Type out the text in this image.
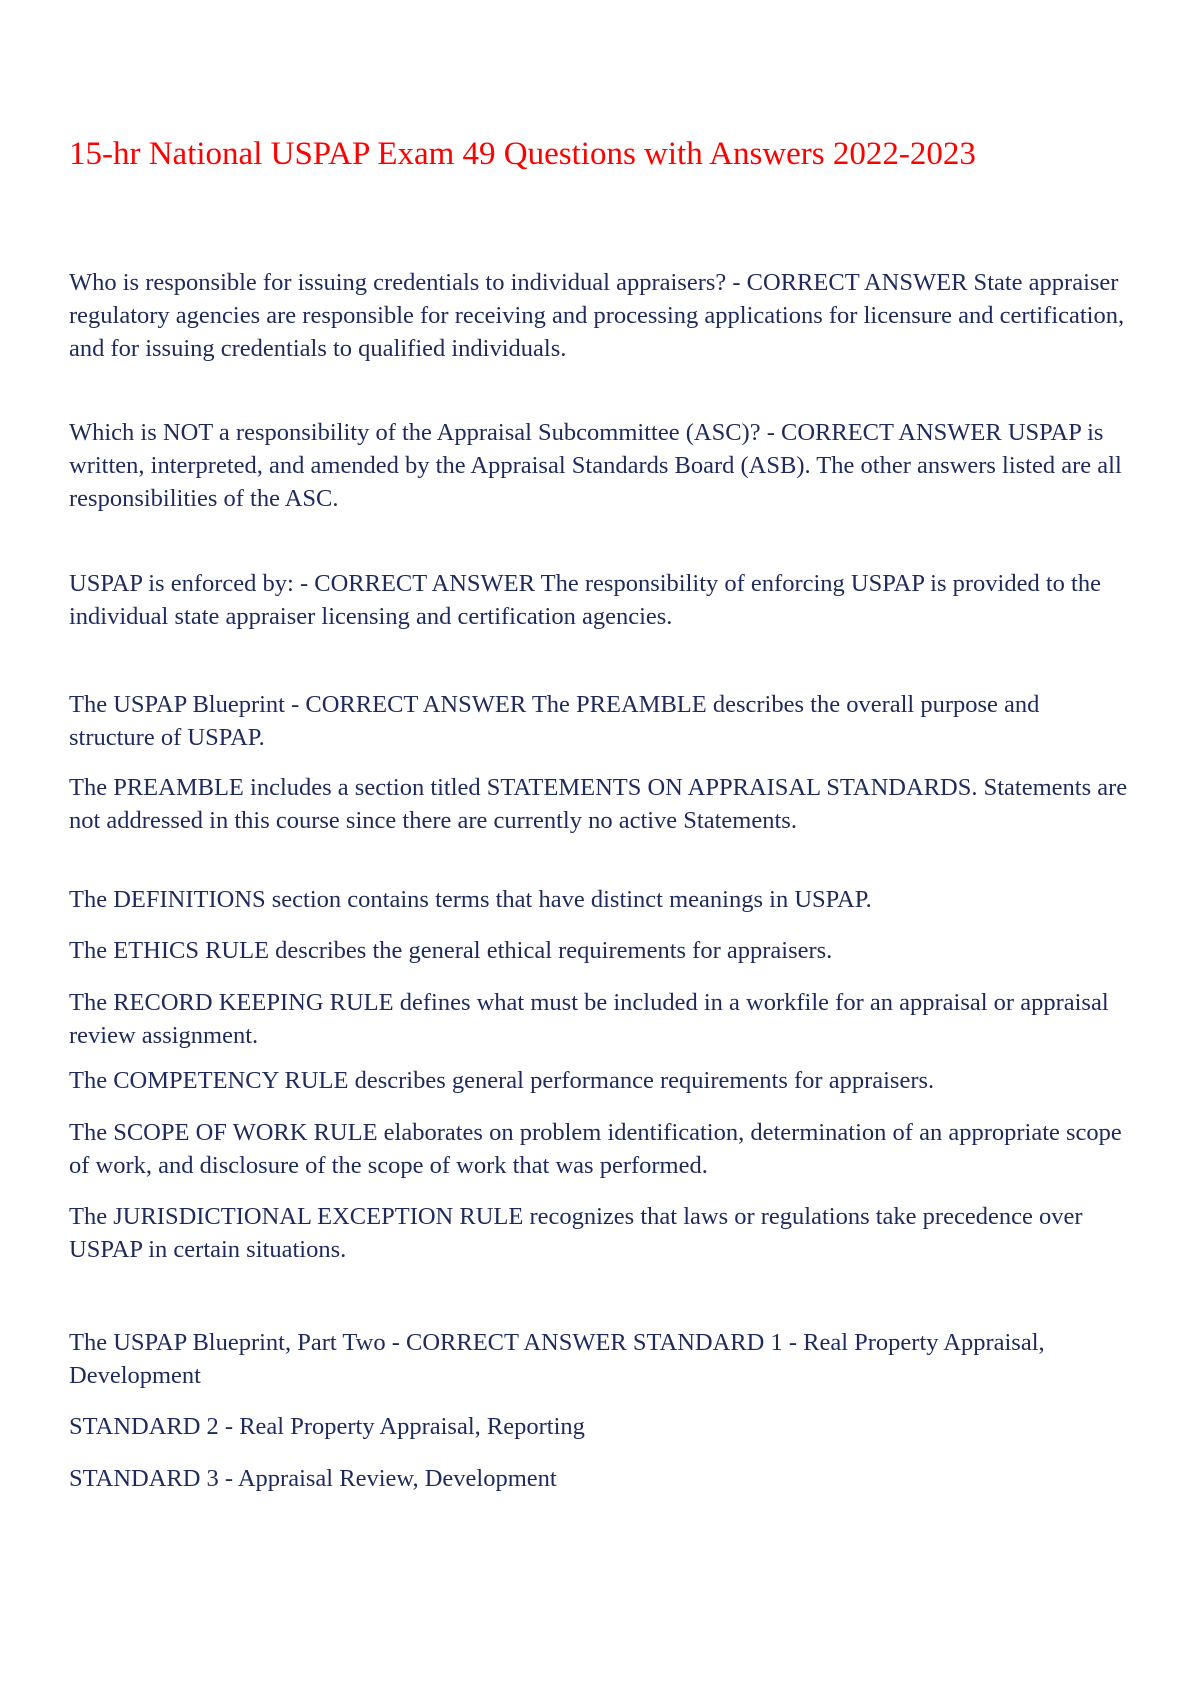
15-hr National USPAP Exam 49 Questions with Answers 2022-2023

Who is responsible for issuing credentials to individual appraisers? - CORRECT ANSWER State appraiser regulatory agencies are responsible for receiving and processing applications for licensure and certification, and for issuing credentials to qualified individuals.

Which is NOT a responsibility of the Appraisal Subcommittee (ASC)? - CORRECT ANSWER USPAP is written, interpreted, and amended by the Appraisal Standards Board (ASB). The other answers listed are all responsibilities of the ASC.

USPAP is enforced by: - CORRECT ANSWER The responsibility of enforcing USPAP is provided to the individual state appraiser licensing and certification agencies.

The USPAP Blueprint - CORRECT ANSWER The PREAMBLE describes the overall purpose and structure of USPAP.

The PREAMBLE includes a section titled STATEMENTS ON APPRAISAL STANDARDS. Statements are not addressed in this course since there are currently no active Statements.

The DEFINITIONS section contains terms that have distinct meanings in USPAP.

The ETHICS RULE describes the general ethical requirements for appraisers.

The RECORD KEEPING RULE defines what must be included in a workfile for an appraisal or appraisal review assignment.

The COMPETENCY RULE describes general performance requirements for appraisers.

The SCOPE OF WORK RULE elaborates on problem identification, determination of an appropriate scope of work, and disclosure of the scope of work that was performed.

The JURISDICTIONAL EXCEPTION RULE recognizes that laws or regulations take precedence over USPAP in certain situations.

The USPAP Blueprint, Part Two - CORRECT ANSWER STANDARD 1 - Real Property Appraisal, Development

STANDARD 2 - Real Property Appraisal, Reporting

STANDARD 3 - Appraisal Review, Development
